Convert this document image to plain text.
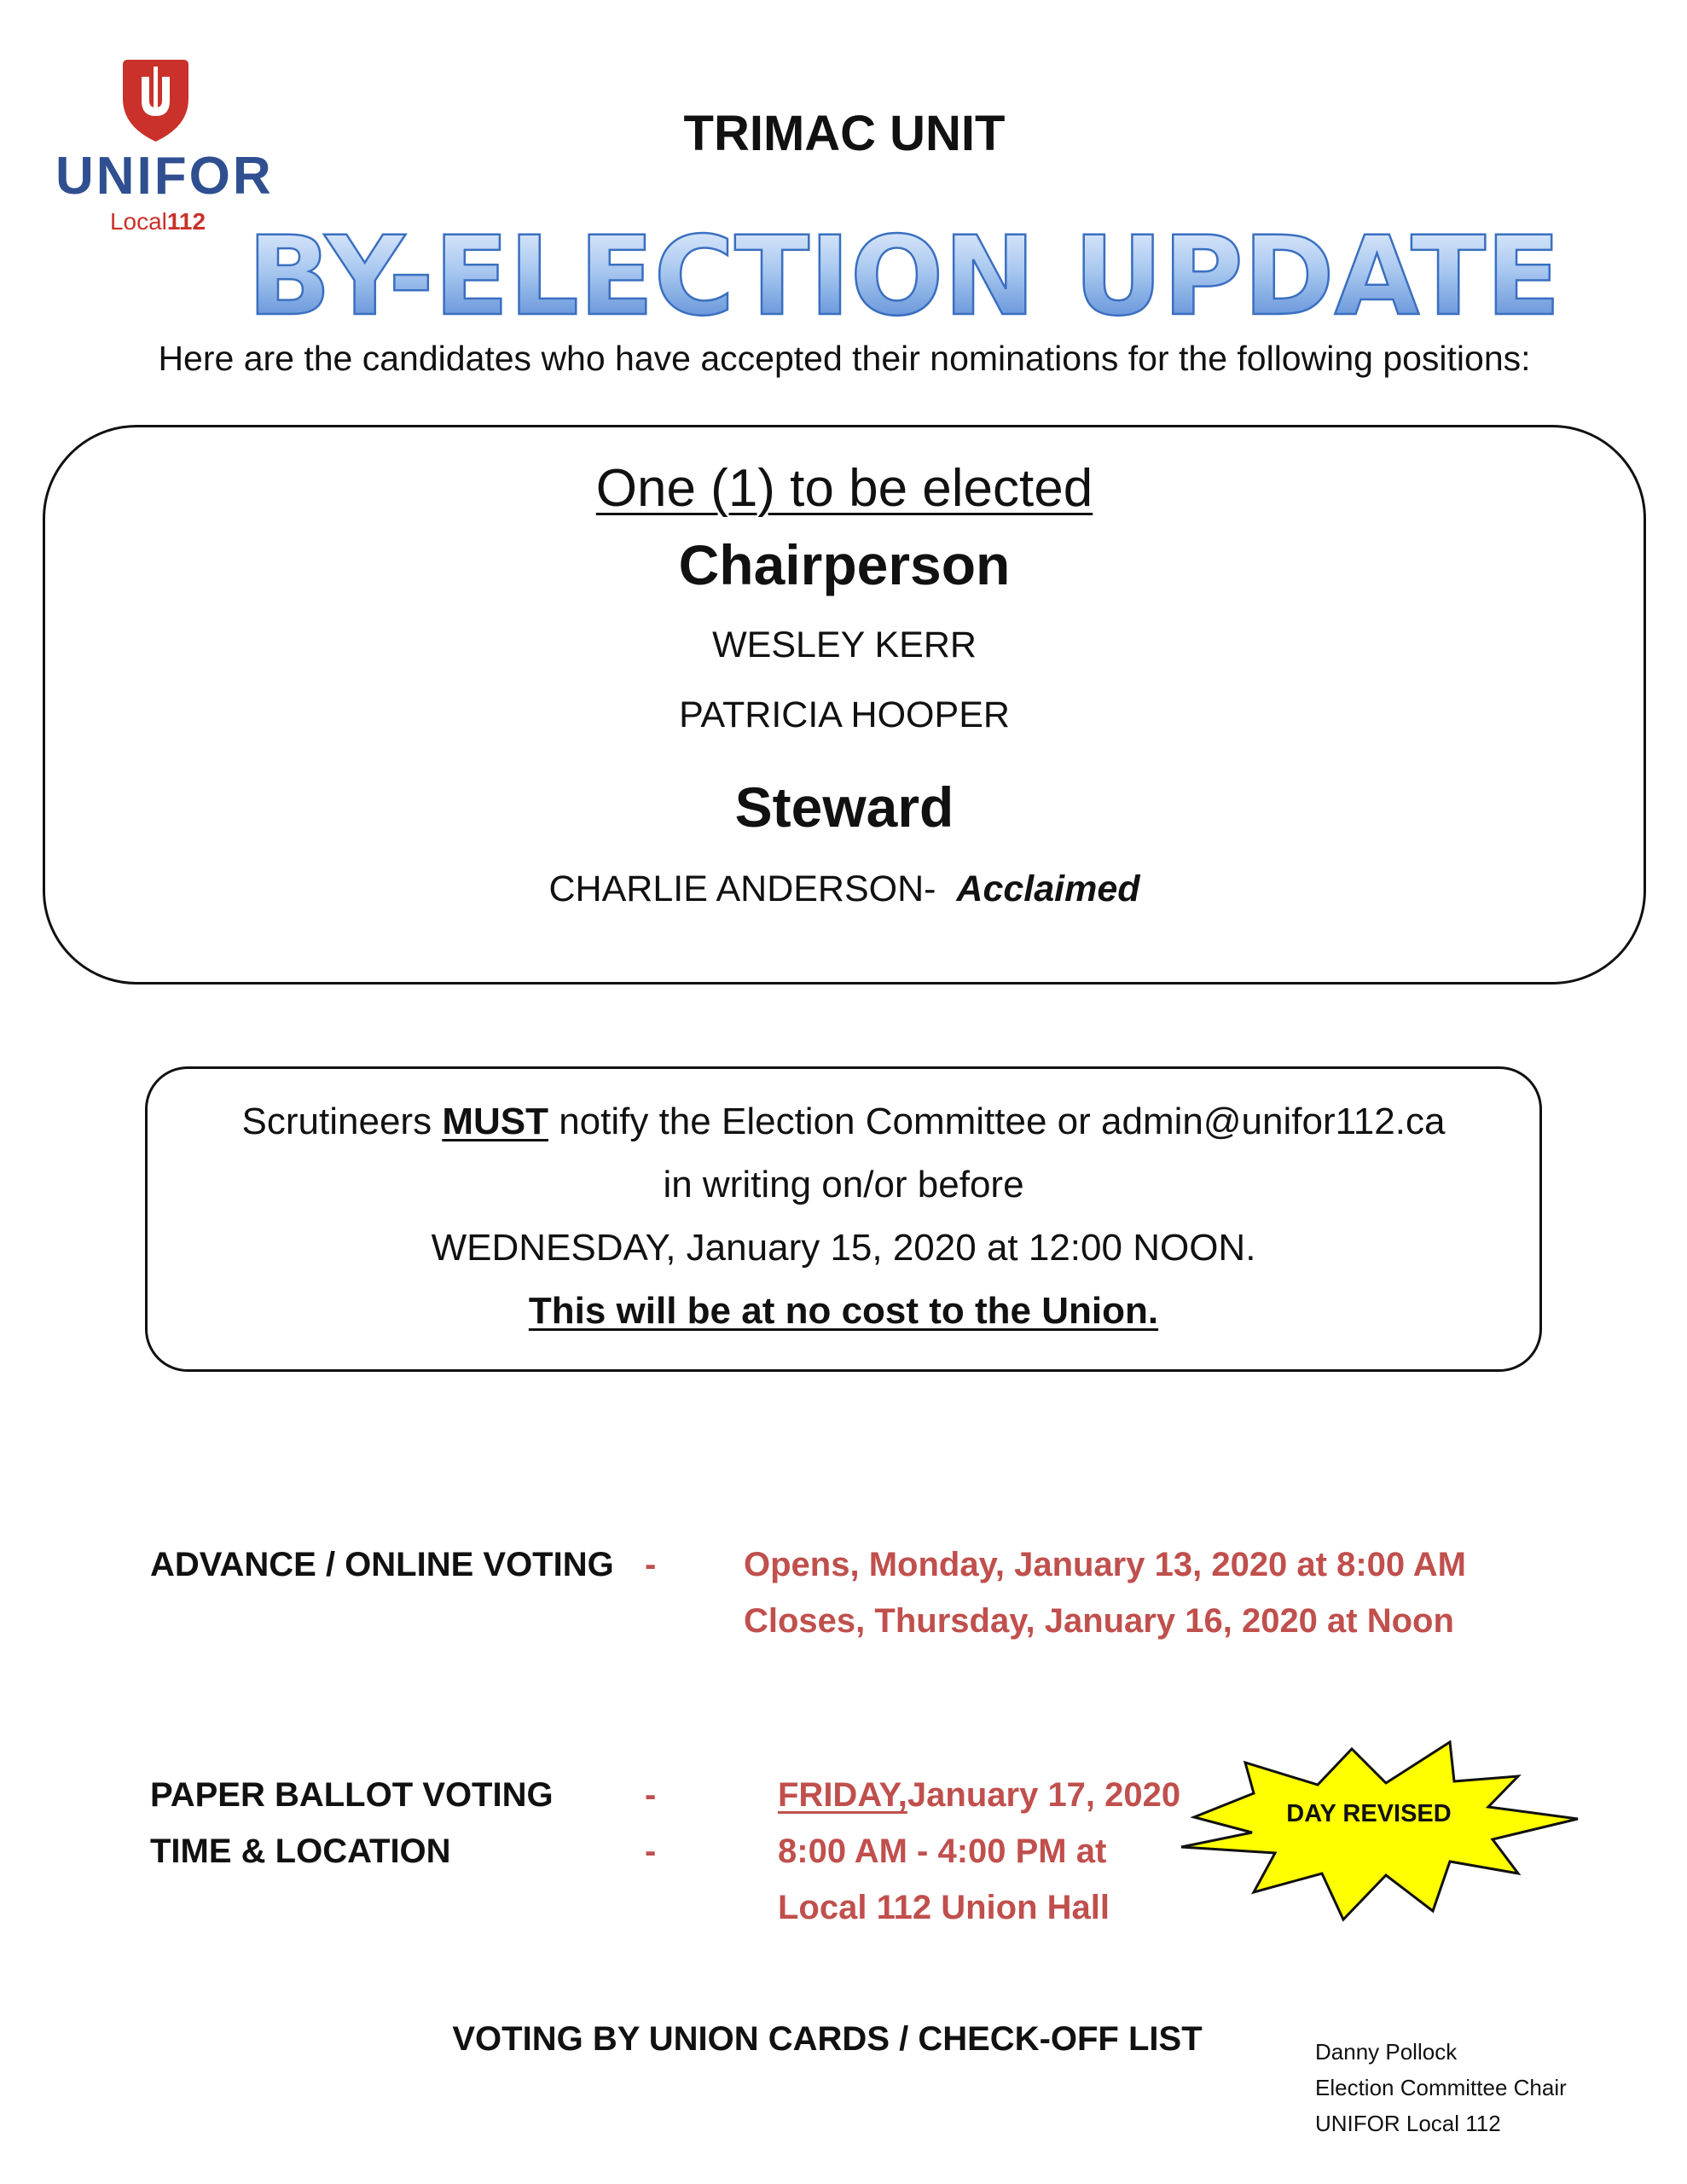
UNIFOR
Local112
TRIMAC UNIT
BY-ELECTION UPDATE
Here are the candidates who have accepted their nominations for the following positions:
One (1) to be elected
Chairperson
WESLEY KERR
PATRICIA HOOPER
Steward
CHARLIE ANDERSON- Acclaimed
Scrutineers MUST notify the Election Committee or admin@unifor112.ca
in writing on/or before
WEDNESDAY, January 15, 2020 at 12:00 NOON.
This will be at no cost to the Union.
ADVANCE / ONLINE VOTING -	Opens, Monday, January 13, 2020 at 8:00 AM
Closes, Thursday, January 16, 2020 at Noon
PAPER BALLOT VOTING
TIME & LOCATION
-
-
FRIDAY,January 17, 2020
8:00 AM - 4:00 PM at
Local 112 Union Hall
DAY REVISED
VOTING BY UNION CARDS / CHECK-OFF LIST	Danny Pollock
Election Committee Chair
UNIFOR Local 112
